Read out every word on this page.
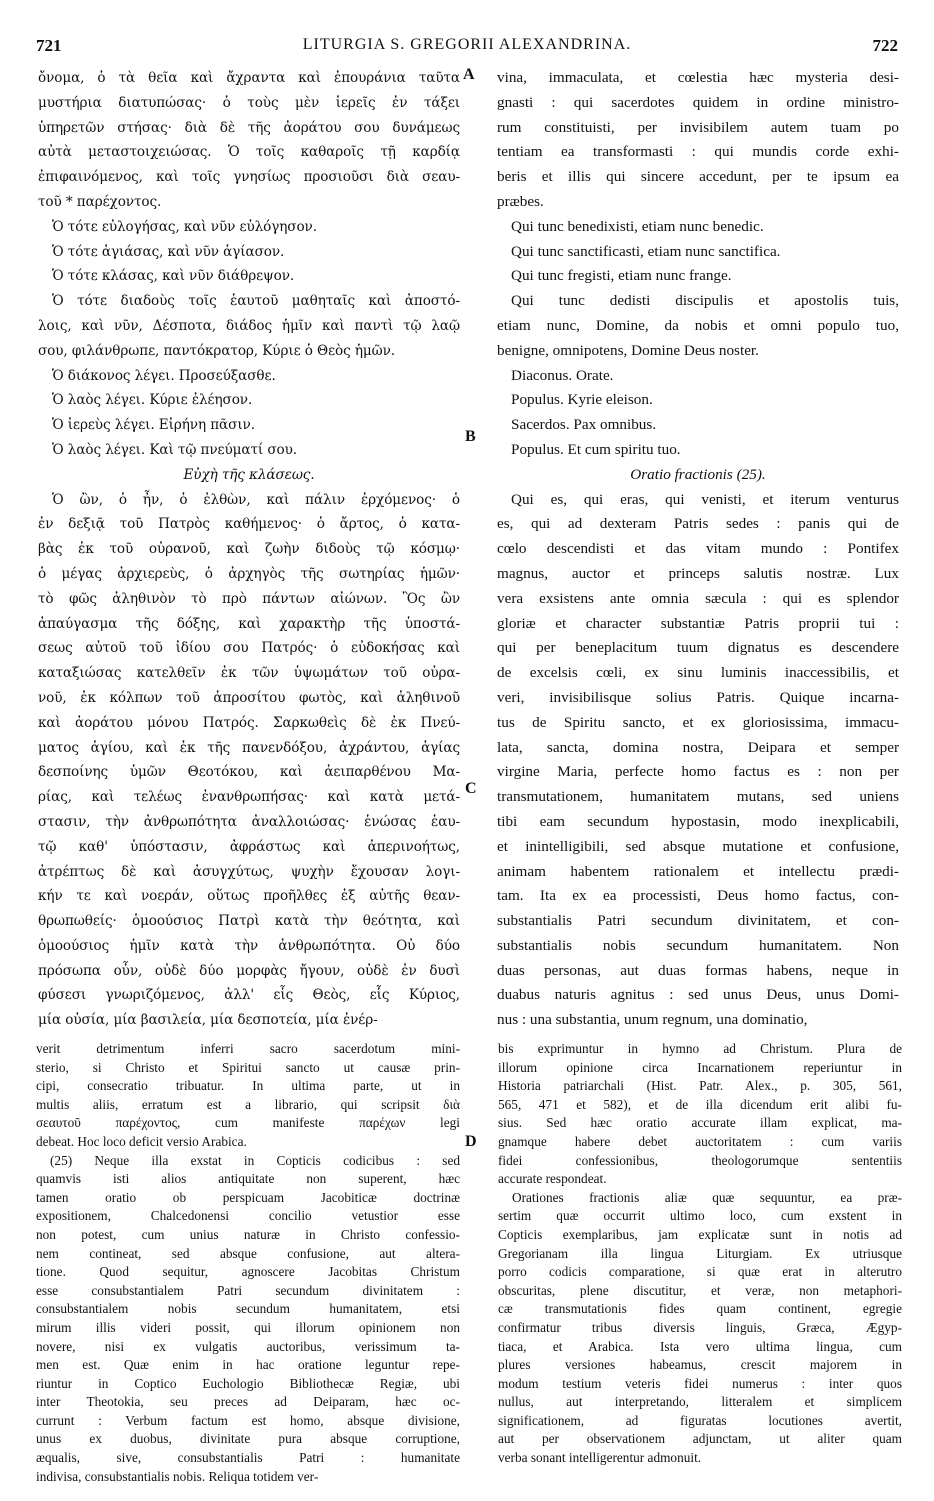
721	LITURGIA S. GREGORII ALEXANDRINA.	722
A
B
C
D
ὄνομα, ὁ τὰ θεῖα καὶ ἄχραντα καὶ ἐπουράνια ταῦτα
μυστήρια διατυπώσας· ὁ τοὺς μὲν ἱερεῖς ἐν τάξει
ὑπηρετῶν στήσας· διὰ δὲ τῆς ἀοράτου σου δυνάμεως
αὐτὰ μεταστοιχειώσας. Ὁ τοῖς καθαροῖς τῇ καρδίᾳ
ἐπιφαινόμενος, καὶ τοῖς γνησίως προσιοῦσι διὰ σεαυ-
τοῦ * παρέχοντος.
Ὁ τότε εὐλογήσας, καὶ νῦν εὐλόγησον.
Ὁ τότε ἁγιάσας, καὶ νῦν ἁγίασον.
Ὁ τότε κλάσας, καὶ νῦν διάθρεψον.
Ὁ τότε διαδοὺς τοῖς ἑαυτοῦ μαθηταῖς καὶ ἀποστό-
λοις, καὶ νῦν, Δέσποτα, διάδος ἡμῖν καὶ παντὶ τῷ λαῷ
σου, φιλάνθρωπε, παντόκρατορ, Κύριε ὁ Θεὸς ἡμῶν.
Ὁ διάκονος λέγει. Προσεύξασθε.
Ὁ λαὸς λέγει. Κύριε ἐλέησον.
Ὁ ἱερεὺς λέγει. Εἰρήνη πᾶσιν.
Ὁ λαὸς λέγει. Καὶ τῷ πνεύματί σου.
Εὐχὴ τῆς κλάσεως.
Ὁ ὢν, ὁ ἦν, ὁ ἐλθὼν, καὶ πάλιν ἐρχόμενος· ὁ
ἐν δεξιᾷ τοῦ Πατρὸς καθήμενος· ὁ ἄρτος, ὁ κατα-
βὰς ἐκ τοῦ οὐρανοῦ, καὶ ζωὴν διδοὺς τῷ κόσμῳ·
ὁ μέγας ἀρχιερεὺς, ὁ ἀρχηγὸς τῆς σωτηρίας ἡμῶν·
τὸ φῶς ἀληθινὸν τὸ πρὸ πάντων αἰώνων. Ὃς ὢν
ἀπαύγασμα τῆς δόξης, καὶ χαρακτὴρ τῆς ὑποστά-
σεως αὐτοῦ τοῦ ἰδίου σου Πατρός· ὁ εὐδοκήσας καὶ
καταξιώσας κατελθεῖν ἐκ τῶν ὑψωμάτων τοῦ οὐρα-
νοῦ, ἐκ κόλπων τοῦ ἀπροσίτου φωτὸς, καὶ ἀληθινοῦ
καὶ ἀοράτου μόνου Πατρός. Σαρκωθεὶς δὲ ἐκ Πνεύ-
ματος ἁγίου, καὶ ἐκ τῆς πανενδόξου, ἀχράντου, ἁγίας
δεσποίνης ὑμῶν Θεοτόκου, καὶ ἀειπαρθένου Μα-
ρίας, καὶ τελέως ἐνανθρωπήσας· καὶ κατὰ μετά-
στασιν, τὴν ἀνθρωπότητα ἀναλλοιώσας· ἑνώσας ἑαυ-
τῷ καθ' ὑπόστασιν, ἀφράστως καὶ ἀπερινοήτως,
ἀτρέπτως δὲ καὶ ἀσυγχύτως, ψυχὴν ἔχουσαν λογι-
κήν τε καὶ νοεράν, οὕτως προῆλθες ἐξ αὐτῆς θεαν-
θρωπωθείς· ὁμοούσιος Πατρὶ κατὰ τὴν θεότητα, καὶ
ὁμοούσιος ἡμῖν κατὰ τὴν ἀνθρωπότητα. Οὐ δύο
πρόσωπα οὖν, οὐδὲ δύο μορφὰς ἤγουν, οὐδὲ ἐν δυσὶ
φύσεσι γνωριζόμενος, ἀλλ' εἷς Θεὸς, εἷς Κύριος,
μία οὐσία, μία βασιλεία, μία δεσποτεία, μία ἐνέρ-
vina, immaculata, et cœlestia hæc mysteria desi-
gnasti : qui sacerdotes quidem in ordine ministro-
rum constituisti, per invisibilem autem tuam po
tentiam ea transformasti : qui mundis corde exhi-
beris et illis qui sincere accedunt, per te ipsum ea
præbes.
Qui tunc benedixisti, etiam nunc benedic.
Qui tunc sanctificasti, etiam nunc sanctifica.
Qui tunc fregisti, etiam nunc frange.
Qui tunc dedisti discipulis et apostolis tuis,
etiam nunc, Domine, da nobis et omni populo tuo,
benigne, omnipotens, Domine Deus noster.
Diaconus. Orate.
Populus. Kyrie eleison.
Sacerdos. Pax omnibus.
Populus. Et cum spiritu tuo.
Oratio fractionis (25).
Qui es, qui eras, qui venisti, et iterum venturus
es, qui ad dexteram Patris sedes : panis qui de
cœlo descendisti et das vitam mundo : Pontifex
magnus, auctor et princeps salutis nostræ. Lux
vera exsistens ante omnia sæcula : qui es splendor
gloriæ et character substantiæ Patris proprii tui :
qui per beneplacitum tuum dignatus es descendere
de excelsis cœli, ex sinu luminis inaccessibilis, et
veri, invisibilisque solius Patris. Quique incarna-
tus de Spiritu sancto, et ex gloriosissima, immacu-
lata, sancta, domina nostra, Deipara et semper
virgine Maria, perfecte homo factus es : non per
transmutationem, humanitatem mutans, sed uniens
tibi eam secundum hypostasin, modo inexplicabili,
et inintelligibili, sed absque mutatione et confusione,
animam habentem rationalem et intellectu prædi-
tam. Ita ex ea processisti, Deus homo factus, con-
substantialis Patri secundum divinitatem, et con-
substantialis nobis secundum humanitatem. Non
duas personas, aut duas formas habens, neque in
duabus naturis agnitus : sed unus Deus, unus Domi-
nus : una substantia, unum regnum, una dominatio,
verit detrimentum inferri sacro sacerdotum mini-
sterio, si Christo et Spiritui sancto ut causæ prin-
cipi, consecratio tribuatur. In ultima parte, ut in
multis aliis, erratum est a librario, qui scripsit διὰ
σεαυτοῦ παρέχοντος, cum manifeste παρέχων legi
debeat. Hoc loco deficit versio Arabica.
(25) Neque illa exstat in Copticis codicibus : sed
quamvis isti alios antiquitate non superent, hæc
tamen oratio ob perspicuam Jacobiticæ doctrinæ
expositionem, Chalcedonensi concilio vetustior esse
non potest, cum unius naturæ in Christo confessio-
nem contineat, sed absque confusione, aut altera-
tione. Quod sequitur, agnoscere Jacobitas Christum
esse consubstantialem Patri secundum divinitatem :
consubstantialem nobis secundum humanitatem, etsi
mirum illis videri possit, qui illorum opinionem non
novere, nisi ex vulgatis auctoribus, verissimum ta-
men est. Quæ enim in hac oratione leguntur repe-
riuntur in Coptico Euchologio Bibliothecæ Regiæ, ubi
inter Theotokia, seu preces ad Deiparam, hæc oc-
currunt : Verbum factum est homo, absque divisione,
unus ex duobus, divinitate pura absque corruptione,
æqualis, sive, consubstantialis Patri : humanitate
indivisa, consubstantialis nobis. Reliqua totidem ver-
bis exprimuntur in hymno ad Christum. Plura de
illorum opinione circa Incarnationem reperiuntur in
Historia patriarchali (Hist. Patr. Alex., p. 305, 561,
565, 471 et 582), et de illa dicendum erit alibi fu-
sius. Sed hæc oratio accurate illam explicat, ma-
gnamque habere debet auctoritatem : cum variis
fidei confessionibus, theologorumque sententiis
accurate respondeat.
Orationes fractionis aliæ quæ sequuntur, ea præ-
sertim quæ occurrit ultimo loco, cum exstent in
Copticis exemplaribus, jam explicatæ sunt in notis ad
Gregorianam illa lingua Liturgiam. Ex utriusque
porro codicis comparatione, si quæ erat in alterutro
obscuritas, plene discutitur, et veræ, non metaphori-
cæ transmutationis fides quam continent, egregie
confirmatur tribus diversis linguis, Græca, Ægyp-
tiaca, et Arabica. Ista vero ultima lingua, cum
plures versiones habeamus, crescit majorem in
modum testium veteris fidei numerus : inter quos
nullus, aut interpretando, litteralem et simplicem
significationem, ad figuratas locutiones avertit,
aut per observationem adjunctam, ut aliter quam
verba sonant intelligerentur admonuit.
